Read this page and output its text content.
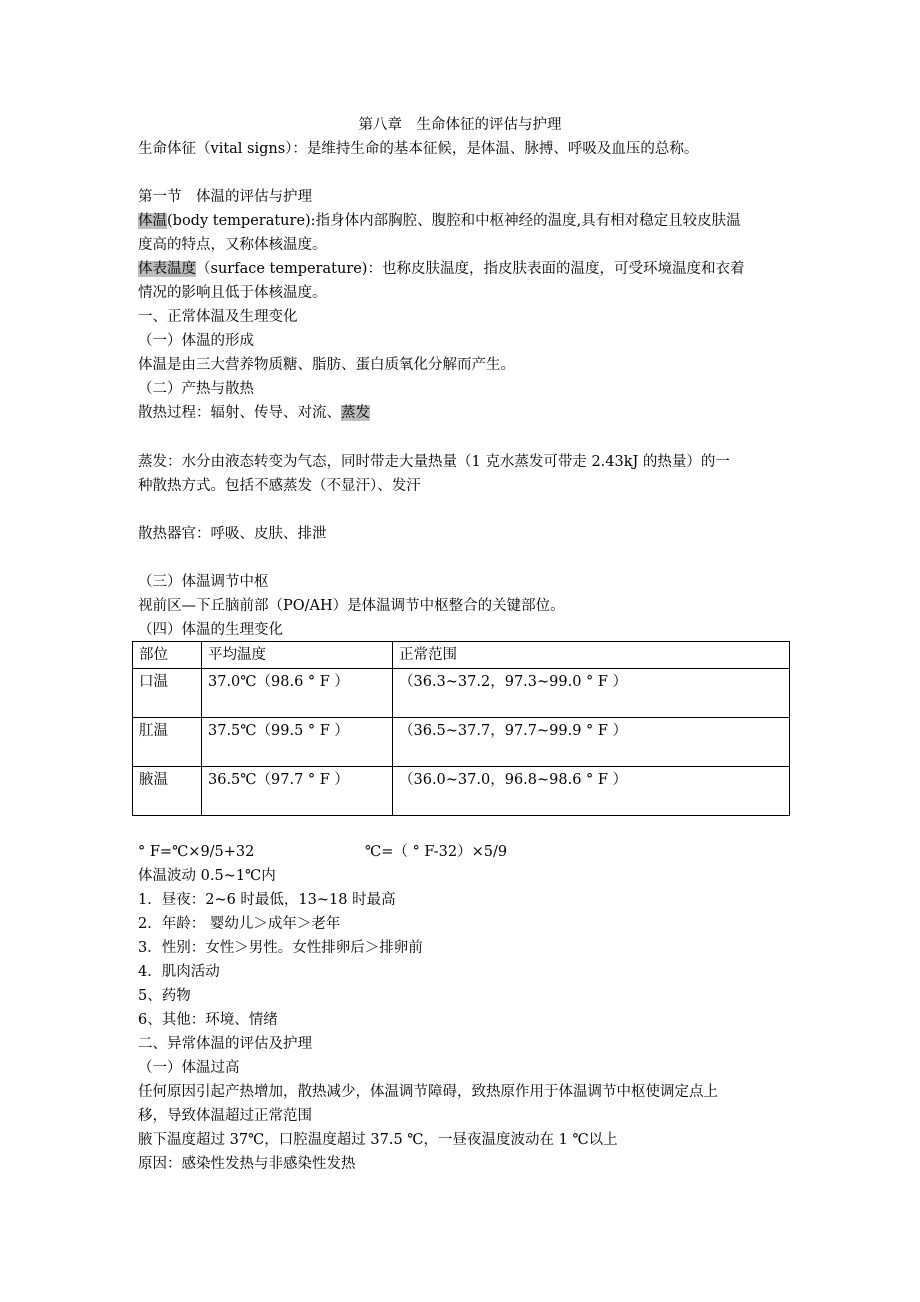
第八章　生命体征的评估与护理
生命体征（vital signs）：是维持生命的基本征候，是体温、脉搏、呼吸及血压的总称。
第一节　体温的评估与护理
体温(body temperature):指身体内部胸腔、腹腔和中枢神经的温度,具有相对稳定且较皮肤温
度高的特点，又称体核温度。
体表温度（surface temperature)：也称皮肤温度，指皮肤表面的温度，可受环境温度和衣着
情况的影响且低于体核温度。
一、正常体温及生理变化
（一）体温的形成
体温是由三大营养物质糖、脂肪、蛋白质氧化分解而产生。
（二）产热与散热
散热过程：辐射、传导、对流、蒸发
蒸发：水分由液态转变为气态，同时带走大量热量（1 克水蒸发可带走 2.43kJ 的热量）的一
种散热方式。包括不感蒸发（不显汗）、发汗
散热器官：呼吸、皮肤、排泄
（三）体温调节中枢
视前区—下丘脑前部（PO/AH）是体温调节中枢整合的关键部位。
（四）体温的生理变化
部位	平均温度	正常范围
口温	37.0℃（98.6 ° F ）	（36.3~37.2，97.3~99.0 ° F ）
肛温	37.5℃（99.5 ° F ）	（36.5~37.7，97.7~99.9 ° F ）
腋温	36.5℃（97.7 ° F ）	（36.0~37.0，96.8~98.6 ° F ）
° F=℃×9/5+32	℃=（ ° F-32）×5/9
体温波动 0.5~1℃内
1．昼夜：2~6 时最低，13~18 时最高
2．年龄： 婴幼儿＞成年＞老年
3．性别：女性＞男性。女性排卵后＞排卵前
4．肌肉活动
5、药物
6、其他：环境、情绪
二、异常体温的评估及护理
（一）体温过高
任何原因引起产热增加，散热减少，体温调节障碍，致热原作用于体温调节中枢使调定点上
移，导致体温超过正常范围
腋下温度超过 37℃，口腔温度超过 37.5 ℃，一昼夜温度波动在 1 ℃以上
原因：感染性发热与非感染性发热
